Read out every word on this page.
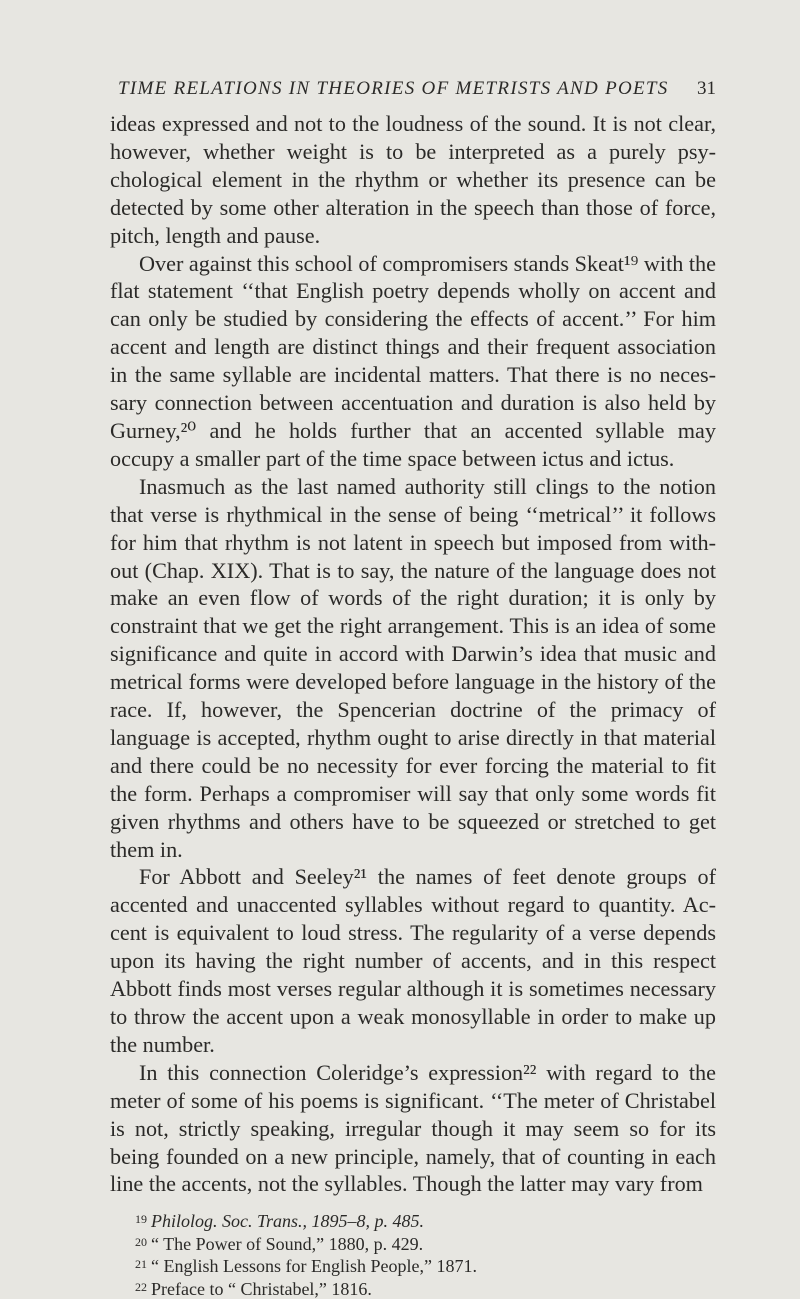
TIME RELATIONS IN THEORIES OF METRISTS AND POETS 31

ideas expressed and not to the loudness of the sound. It is not clear, however, whether weight is to be interpreted as a purely psychological element in the rhythm or whether its presence can be detected by some other alteration in the speech than those of force, pitch, length and pause.

Over against this school of compromisers stands Skeat¹⁹ with the flat statement ‘‘that English poetry depends wholly on accent and can only be studied by considering the effects of accent.’’ For him accent and length are distinct things and their frequent association in the same syllable are incidental matters. That there is no necessary connection between accentuation and duration is also held by Gurney,²⁰ and he holds further that an accented syllable may occupy a smaller part of the time space between ictus and ictus.

Inasmuch as the last named authority still clings to the notion that verse is rhythmical in the sense of being ‘‘metrical’’ it follows for him that rhythm is not latent in speech but imposed from without (Chap. XIX). That is to say, the nature of the language does not make an even flow of words of the right duration; it is only by constraint that we get the right arrangement. This is an idea of some significance and quite in accord with Darwin’s idea that music and metrical forms were developed before language in the history of the race. If, however, the Spencerian doctrine of the primacy of language is accepted, rhythm ought to arise directly in that material and there could be no necessity for ever forcing the material to fit the form. Perhaps a compromiser will say that only some words fit given rhythms and others have to be squeezed or stretched to get them in.

For Abbott and Seeley²¹ the names of feet denote groups of accented and unaccented syllables without regard to quantity. Accent is equivalent to loud stress. The regularity of a verse depends upon its having the right number of accents, and in this respect Abbott finds most verses regular although it is sometimes necessary to throw the accent upon a weak monosyllable in order to make up the number.

In this connection Coleridge’s expression²² with regard to the meter of some of his poems is significant. ‘‘The meter of Christabel is not, strictly speaking, irregular though it may seem so for its being founded on a new principle, namely, that of counting in each line the accents, not the syllables. Though the latter may vary from

$^{19}$ Philolog. Soc. Trans., 1895–8, p. 485.
$^{20}$ “ The Power of Sound,” 1880, p. 429.
$^{21}$ “ English Lessons for English People,” 1871.
$^{22}$ Preface to “ Christabel,” 1816.
